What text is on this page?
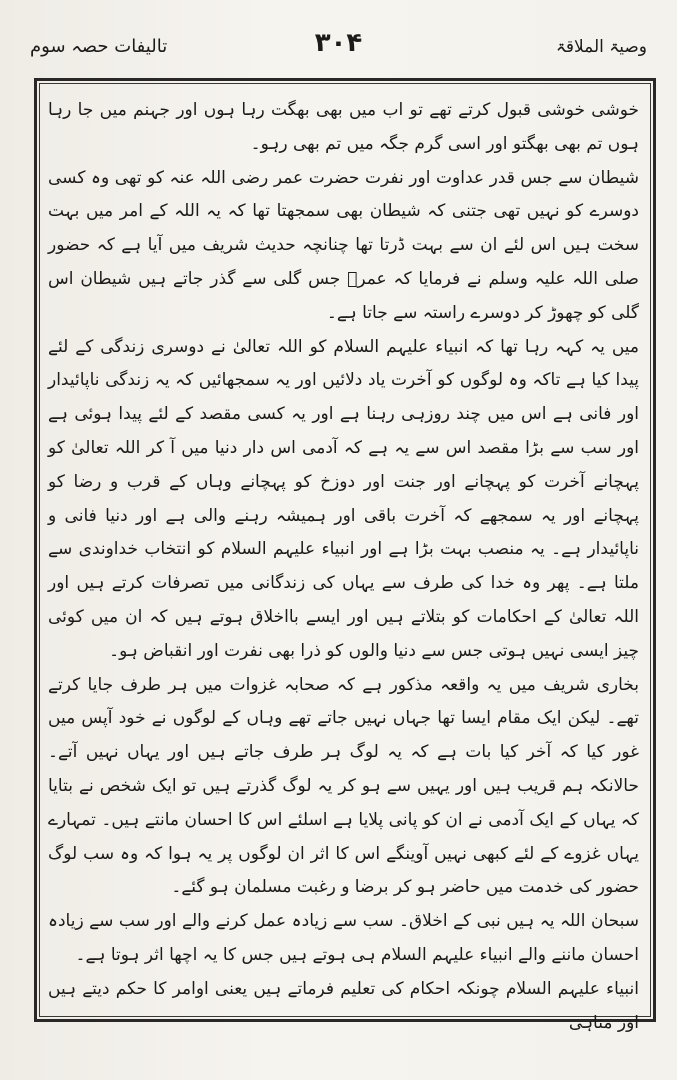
وصیۃ الملاقۃ
۳۰۴
تالیفات حصہ سوم

خوشی خوشی قبول کرتے تھے تو اب میں بھی بھگت رہا ہوں اور جہنم میں جا رہا ہوں تم بھی بھگتو اور اسی گرم جگہ میں تم بھی رہو۔

شیطان سے جس قدر عداوت اور نفرت حضرت عمر رضی اللہ عنہ کو تھی وہ کسی دوسرے کو نہیں تھی جتنی کہ شیطان بھی سمجھتا تھا کہ یہ اللہ کے امر میں بہت سخت ہیں اس لئے ان سے بہت ڈرتا تھا چنانچہ حدیث شریف میں آیا ہے کہ حضور صلی اللہ علیہ وسلم نے فرمایا کہ عمرؓ جس گلی سے گذر جاتے ہیں شیطان اس گلی کو چھوڑ کر دوسرے راستہ سے جاتا ہے۔

میں یہ کہہ رہا تھا کہ انبیاء علیہم السلام کو اللہ تعالیٰ نے دوسری زندگی کے لئے پیدا کیا ہے تاکہ وہ لوگوں کو آخرت یاد دلائیں اور یہ سمجھائیں کہ یہ زندگی ناپائیدار اور فانی ہے اس میں چند روزہی رہنا ہے اور یہ کسی مقصد کے لئے پیدا ہوئی ہے اور سب سے بڑا مقصد اس سے یہ ہے کہ آدمی اس دار دنیا میں آ کر اللہ تعالیٰ کو پہچانے آخرت کو پہچانے اور جنت اور دوزخ کو پہچانے وہاں کے قرب و رضا کو پہچانے اور یہ سمجھے کہ آخرت باقی اور ہمیشہ رہنے والی ہے اور دنیا فانی و ناپائیدار ہے۔ یہ منصب بہت بڑا ہے اور انبیاء علیہم السلام کو انتخاب خداوندی سے ملتا ہے۔ پھر وہ خدا کی طرف سے یہاں کی زندگانی میں تصرفات کرتے ہیں اور اللہ تعالیٰ کے احکامات کو بتلاتے ہیں اور ایسے بااخلاق ہوتے ہیں کہ ان میں کوئی چیز ایسی نہیں ہوتی جس سے دنیا والوں کو ذرا بھی نفرت اور انقباض ہو۔

بخاری شریف میں یہ واقعہ مذکور ہے کہ صحابہ غزوات میں ہر طرف جایا کرتے تھے۔ لیکن ایک مقام ایسا تھا جہاں نہیں جاتے تھے وہاں کے لوگوں نے خود آپس میں غور کیا کہ آخر کیا بات ہے کہ یہ لوگ ہر طرف جاتے ہیں اور یہاں نہیں آتے۔ حالانکہ ہم قریب ہیں اور یہیں سے ہو کر یہ لوگ گذرتے ہیں تو ایک شخص نے بتایا کہ یہاں کے ایک آدمی نے ان کو پانی پلایا ہے اسلئے اس کا احسان مانتے ہیں۔ تمہارے یہاں غزوے کے لئے کبھی نہیں آوینگے اس کا اثر ان لوگوں پر یہ ہوا کہ وہ سب لوگ حضور کی خدمت میں حاضر ہو کر برضا و رغبت مسلمان ہو گئے۔

سبحان اللہ یہ ہیں نبی کے اخلاق۔ سب سے زیادہ عمل کرنے والے اور سب سے زیادہ احسان ماننے والے انبیاء علیہم السلام ہی ہوتے ہیں جس کا یہ اچھا اثر ہوتا ہے۔

انبیاء علیہم السلام چونکہ احکام کی تعلیم فرماتے ہیں یعنی اوامر کا حکم دیتے ہیں اور مناہی
